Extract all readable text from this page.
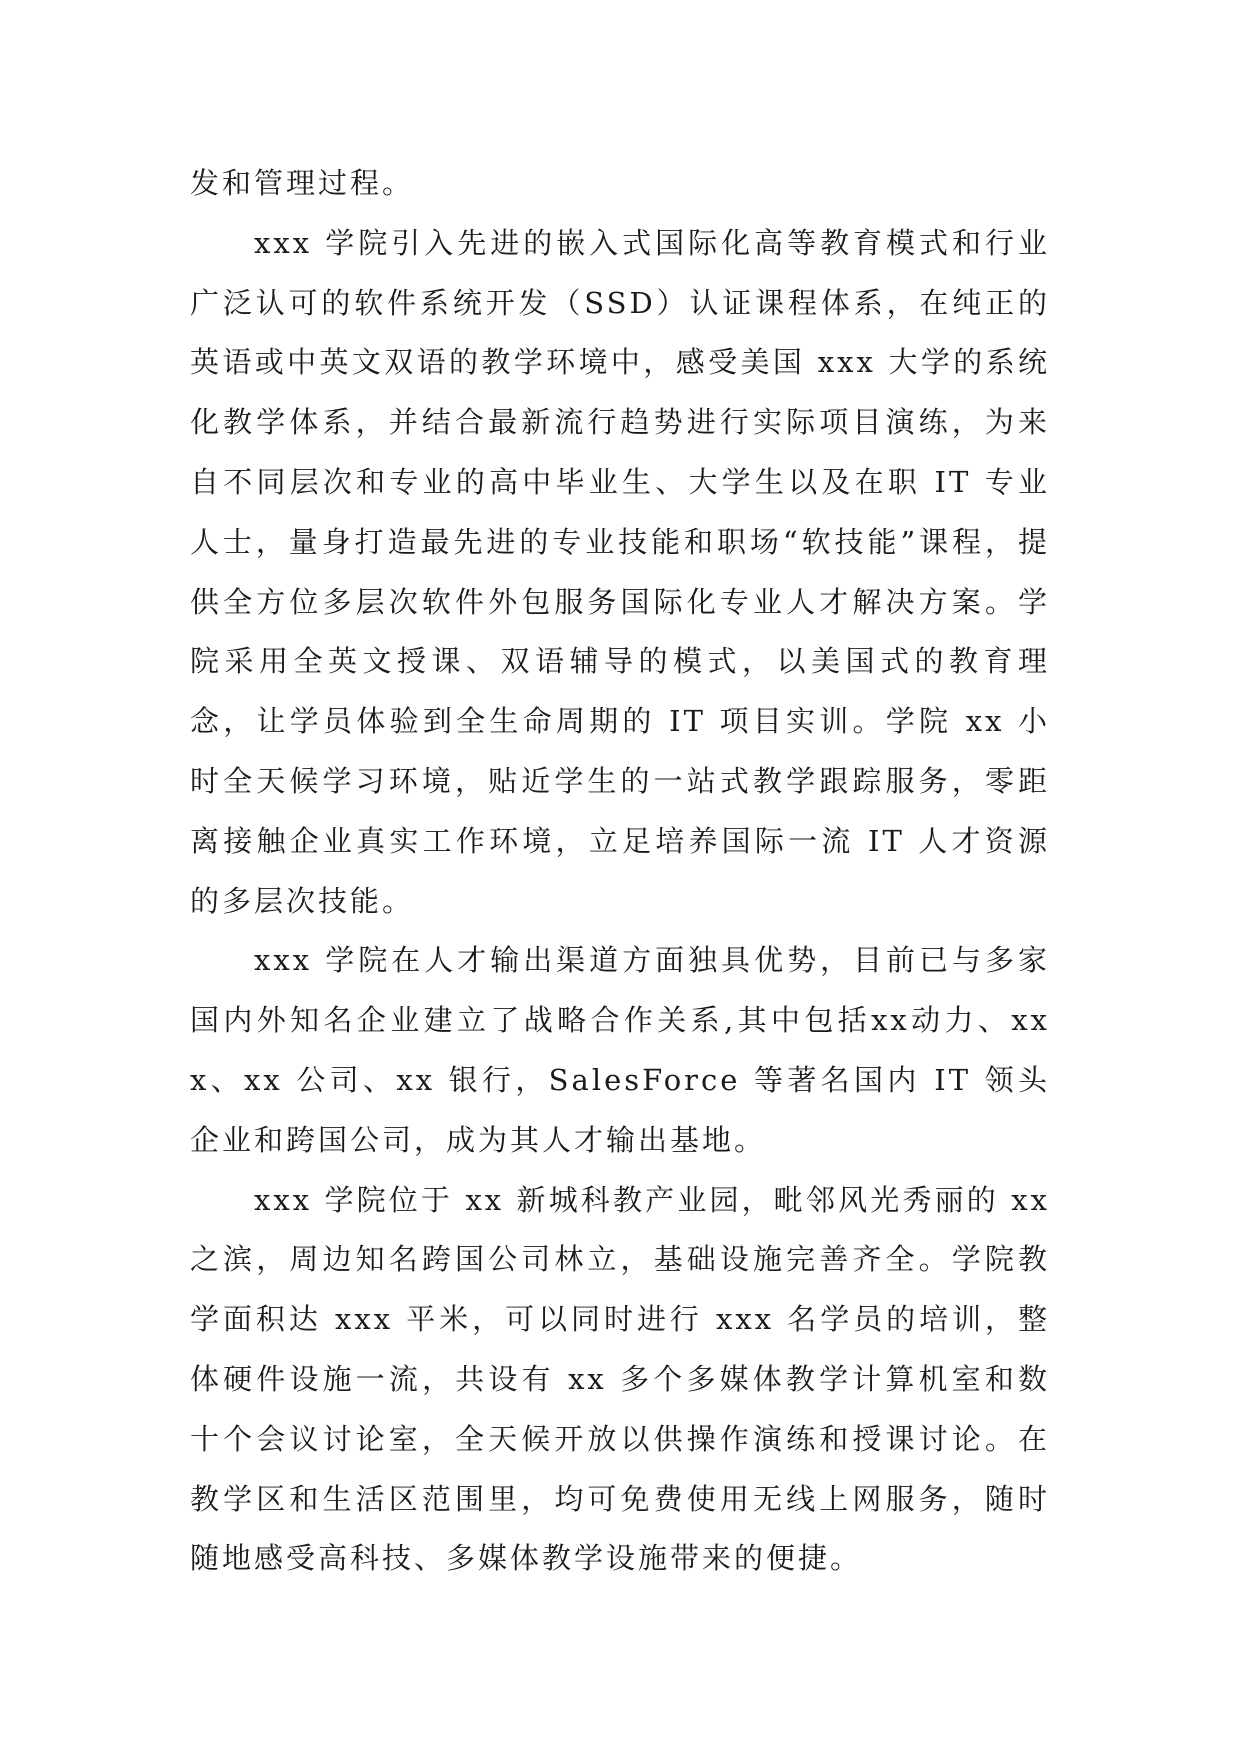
发和管理过程。

xxx 学院引入先进的嵌入式国际化高等教育模式和行业广泛认可的软件系统开发（SSD）认证课程体系，在纯正的英语或中英文双语的教学环境中，感受美国 xxx 大学的系统化教学体系，并结合最新流行趋势进行实际项目演练，为来自不同层次和专业的高中毕业生、大学生以及在职 IT 专业人士，量身打造最先进的专业技能和职场“软技能”课程，提供全方位多层次软件外包服务国际化专业人才解决方案。学院采用全英文授课、双语辅导的模式，以美国式的教育理念，让学员体验到全生命周期的 IT 项目实训。学院 xx 小时全天候学习环境，贴近学生的一站式教学跟踪服务，零距离接触企业真实工作环境，立足培养国际一流 IT 人才资源的多层次技能。

xxx 学院在人才输出渠道方面独具优势，目前已与多家国内外知名企业建立了战略合作关系,其中包括xx动力、xxx、xx 公司、xx 银行，SalesForce 等著名国内 IT 领头企业和跨国公司，成为其人才输出基地。

xxx 学院位于 xx 新城科教产业园，毗邻风光秀丽的 xx 之滨，周边知名跨国公司林立，基础设施完善齐全。学院教学面积达 xxx 平米，可以同时进行 xxx 名学员的培训，整体硬件设施一流，共设有 xx 多个多媒体教学计算机室和数十个会议讨论室，全天候开放以供操作演练和授课讨论。在教学区和生活区范围里，均可免费使用无线上网服务，随时随地感受高科技、多媒体教学设施带来的便捷。
